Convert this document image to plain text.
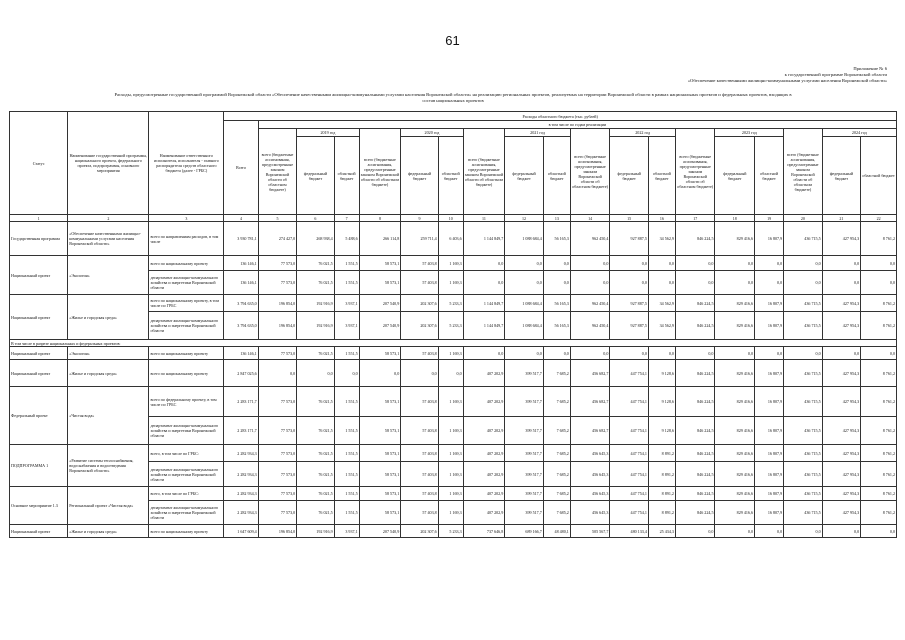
61
Приложение № 6
к государственной программе Воронежской области
«Обеспечение качественными жилищно-коммунальными услугами населения Воронежской области»
Расходы, предусмотренные государственной программой Воронежской области «Обеспечение качественными жилищно-коммунальными услугами населения Воронежской области» на реализацию региональных проектов, реализуемых на территории Воронежской области в рамках национальных проектов и федеральных проектов, входящих в
состав национальных проектов
Статус	Наименование государственной программы, национального проекта, федерального проекта, подпрограммы, основного мероприятия	Наименование ответственного исполнителя, исполнителя - главного распорядителя средств областного бюджета (далее - ГРБС)	Расходы областного бюджета (тыс. рублей)																		
			Всего	в том числе по годам реализации																	
				всего (бюджетные ассигнования, предусмотренные законом Воронежской области об областном бюджете)	2019 год		всего (бюджетные ассигнования, предусмотренные законом Воронежской области об областном бюджете)	2020 год		всего (бюджетные ассигнования, предусмотренные законом Воронежской области об областном бюджете)	2021 год		всего (бюджетные ассигнования, предусмотренные законом Воронежской области об областном бюджете)	2022 год		всего (бюджетные ассигнования, предусмотренные законом Воронежской области об областном бюджете)	2023 год		всего (бюджетные ассигнования, предусмотренные законом Воронежской области об областном бюджете)	2024 год	
					федеральный бюджет	областной бюджет		федеральный бюджет	областной бюджет		федеральный бюджет	областной бюджет		федеральный бюджет	областной бюджет		федеральный бюджет	областной бюджет		федеральный бюджет	областной бюджет
1	2	3	4	5	6	7	8	9	10	11	12	13	14	15	16	17	18	19	20	21	22
Государственная программа	«Обеспечение качественными жилищно-коммунальными услугами населения Воронежской области»	всего по направлениям расходов, в том числе	3 930 781,1	274 427,0	268 938,4	5 488,6	266 114,8	259 711,4	6 403,6	1 144 849,7	1 088 684,4	56 165,3	962 450,4	927 887,5	34 562,9	846 224,5	829 416,6	16 807,9	436 715,5	427 954,3	8 761,2
Национальный проект	«Экология»	всего по национальному проекту	136 146,1	77 573,0	76 021,5	1 551,5	58 573,1	57 403,8	1 169,3	0,0	0,0	0,0	0,0	0,0	0,0	0,0	0,0	0,0	0,0	0,0	0,0
		департамент жилищно-коммунального хозяйства и энергетики Воронежской области	136 146,1	77 573,0	76 021,5	1 551,5	58 573,1	57 403,8	1 169,3	0,0	0,0	0,0	0,0	0,0	0,0	0,0	0,0	0,0	0,0	0,0	0,0
Национальный проект	«Жилье и городская среда»	всего по национальному проекту, в том числе по ГРБС	3 794 635,0	196 854,0	192 916,9	3 937,1	207 540,9	202 307,6	5 233,3	1 144 849,7	1 088 684,4	56 165,3	962 450,4	927 887,5	34 562,9	846 224,5	829 416,6	16 807,9	436 715,5	427 954,3	8 761,2
		департамент жилищно-коммунального хозяйства и энергетики Воронежской области	3 794 635,0	196 854,0	192 916,9	3 937,1	207 540,9	202 307,6	5 233,3	1 144 849,7	1 088 684,4	56 165,3	962 450,4	927 887,5	34 562,9	846 224,5	829 416,6	16 807,9	436 715,5	427 954,3	8 761,2
В том числе в разрезе национальных и федеральных проектов:																					
Национальный проект	«Экология»	всего по национальному проекту	136 146,1	77 573,0	76 021,5	1 551,5	58 573,1	57 403,8	1 169,3	0,0	0,0	0,0	0,0	0,0	0,0	0,0	0,0	0,0	0,0	0,0	0,0
Национальный проект	«Жилье и городская среда»	всего по национальному проекту	2 847 025,6	0,0	0,0	0,0	0,0	0,0	0,0	407 202,9	399 517,7	7 685,2	456 682,7	447 754,1	9 128,6	846 224,5	829 416,6	16 807,9	436 715,5	427 954,3	8 761,2
Федеральный проект	«Чистая вода»	всего по федеральному проекту, в том числе по ГРБС	2 283 171,7	77 573,0	76 021,5	1 551,5	58 573,1	57 403,8	1 169,3	407 202,9	399 517,7	7 685,2	456 682,7	447 754,1	9 128,6	846 224,5	829 416,6	16 807,9	436 715,5	427 954,3	8 761,2
		департамент жилищно-коммунального хозяйства и энергетики Воронежской области	2 283 171,7	77 573,0	76 021,5	1 551,5	58 573,1	57 403,8	1 169,3	407 202,9	399 517,7	7 685,2	456 682,7	447 754,1	9 128,6	846 224,5	829 416,6	16 807,9	436 715,5	427 954,3	8 761,2
ПОДПРОГРАММА 1	«Развитие системы теплоснабжения, водоснабжения и водоотведения Воронежской области»	всего, в том числе по ГРБС:	2 282 934,3	77 573,0	76 021,5	1 551,5	58 573,1	57 403,8	1 169,3	407 202,9	399 517,7	7 685,2	456 645,3	447 754,1	8 891,2	846 224,5	829 416,6	16 807,9	436 715,5	427 954,3	8 761,2
		департамент жилищно-коммунального хозяйства и энергетики Воронежской области	2 282 934,3	77 573,0	76 021,5	1 551,5	58 573,1	57 403,8	1 169,3	407 202,9	399 517,7	7 685,2	456 645,3	447 754,1	8 891,2	846 224,5	829 416,6	16 807,9	436 715,5	427 954,3	8 761,2
Основное мероприятие 1.3	Региональный проект «Чистая вода»	всего, в том числе по ГРБС:	2 282 934,3	77 573,0	76 021,5	1 551,5	58 573,1	57 403,8	1 169,3	407 202,9	399 517,7	7 685,2	456 645,3	447 754,1	8 891,2	846 224,5	829 416,6	16 807,9	436 715,5	427 954,3	8 761,2
		департамент жилищно-коммунального хозяйства и энергетики Воронежской области	2 282 934,3	77 573,0	76 021,5	1 551,5	58 573,1	57 403,8	1 169,3	407 202,9	399 517,7	7 685,2	456 645,3	447 754,1	8 891,2	846 224,5	829 416,6	16 807,9	436 715,5	427 954,3	8 761,2
Национальный проект	«Жилье и городская среда»	всего по национальному проекту	1 647 609,4	196 854,0	192 916,9	3 937,1	207 540,9	202 307,6	5 233,3	737 646,8	689 166,7	48 480,1	505 567,7	480 133,4	25 434,3	0,0	0,0	0,0	0,0	0,0	0,0
